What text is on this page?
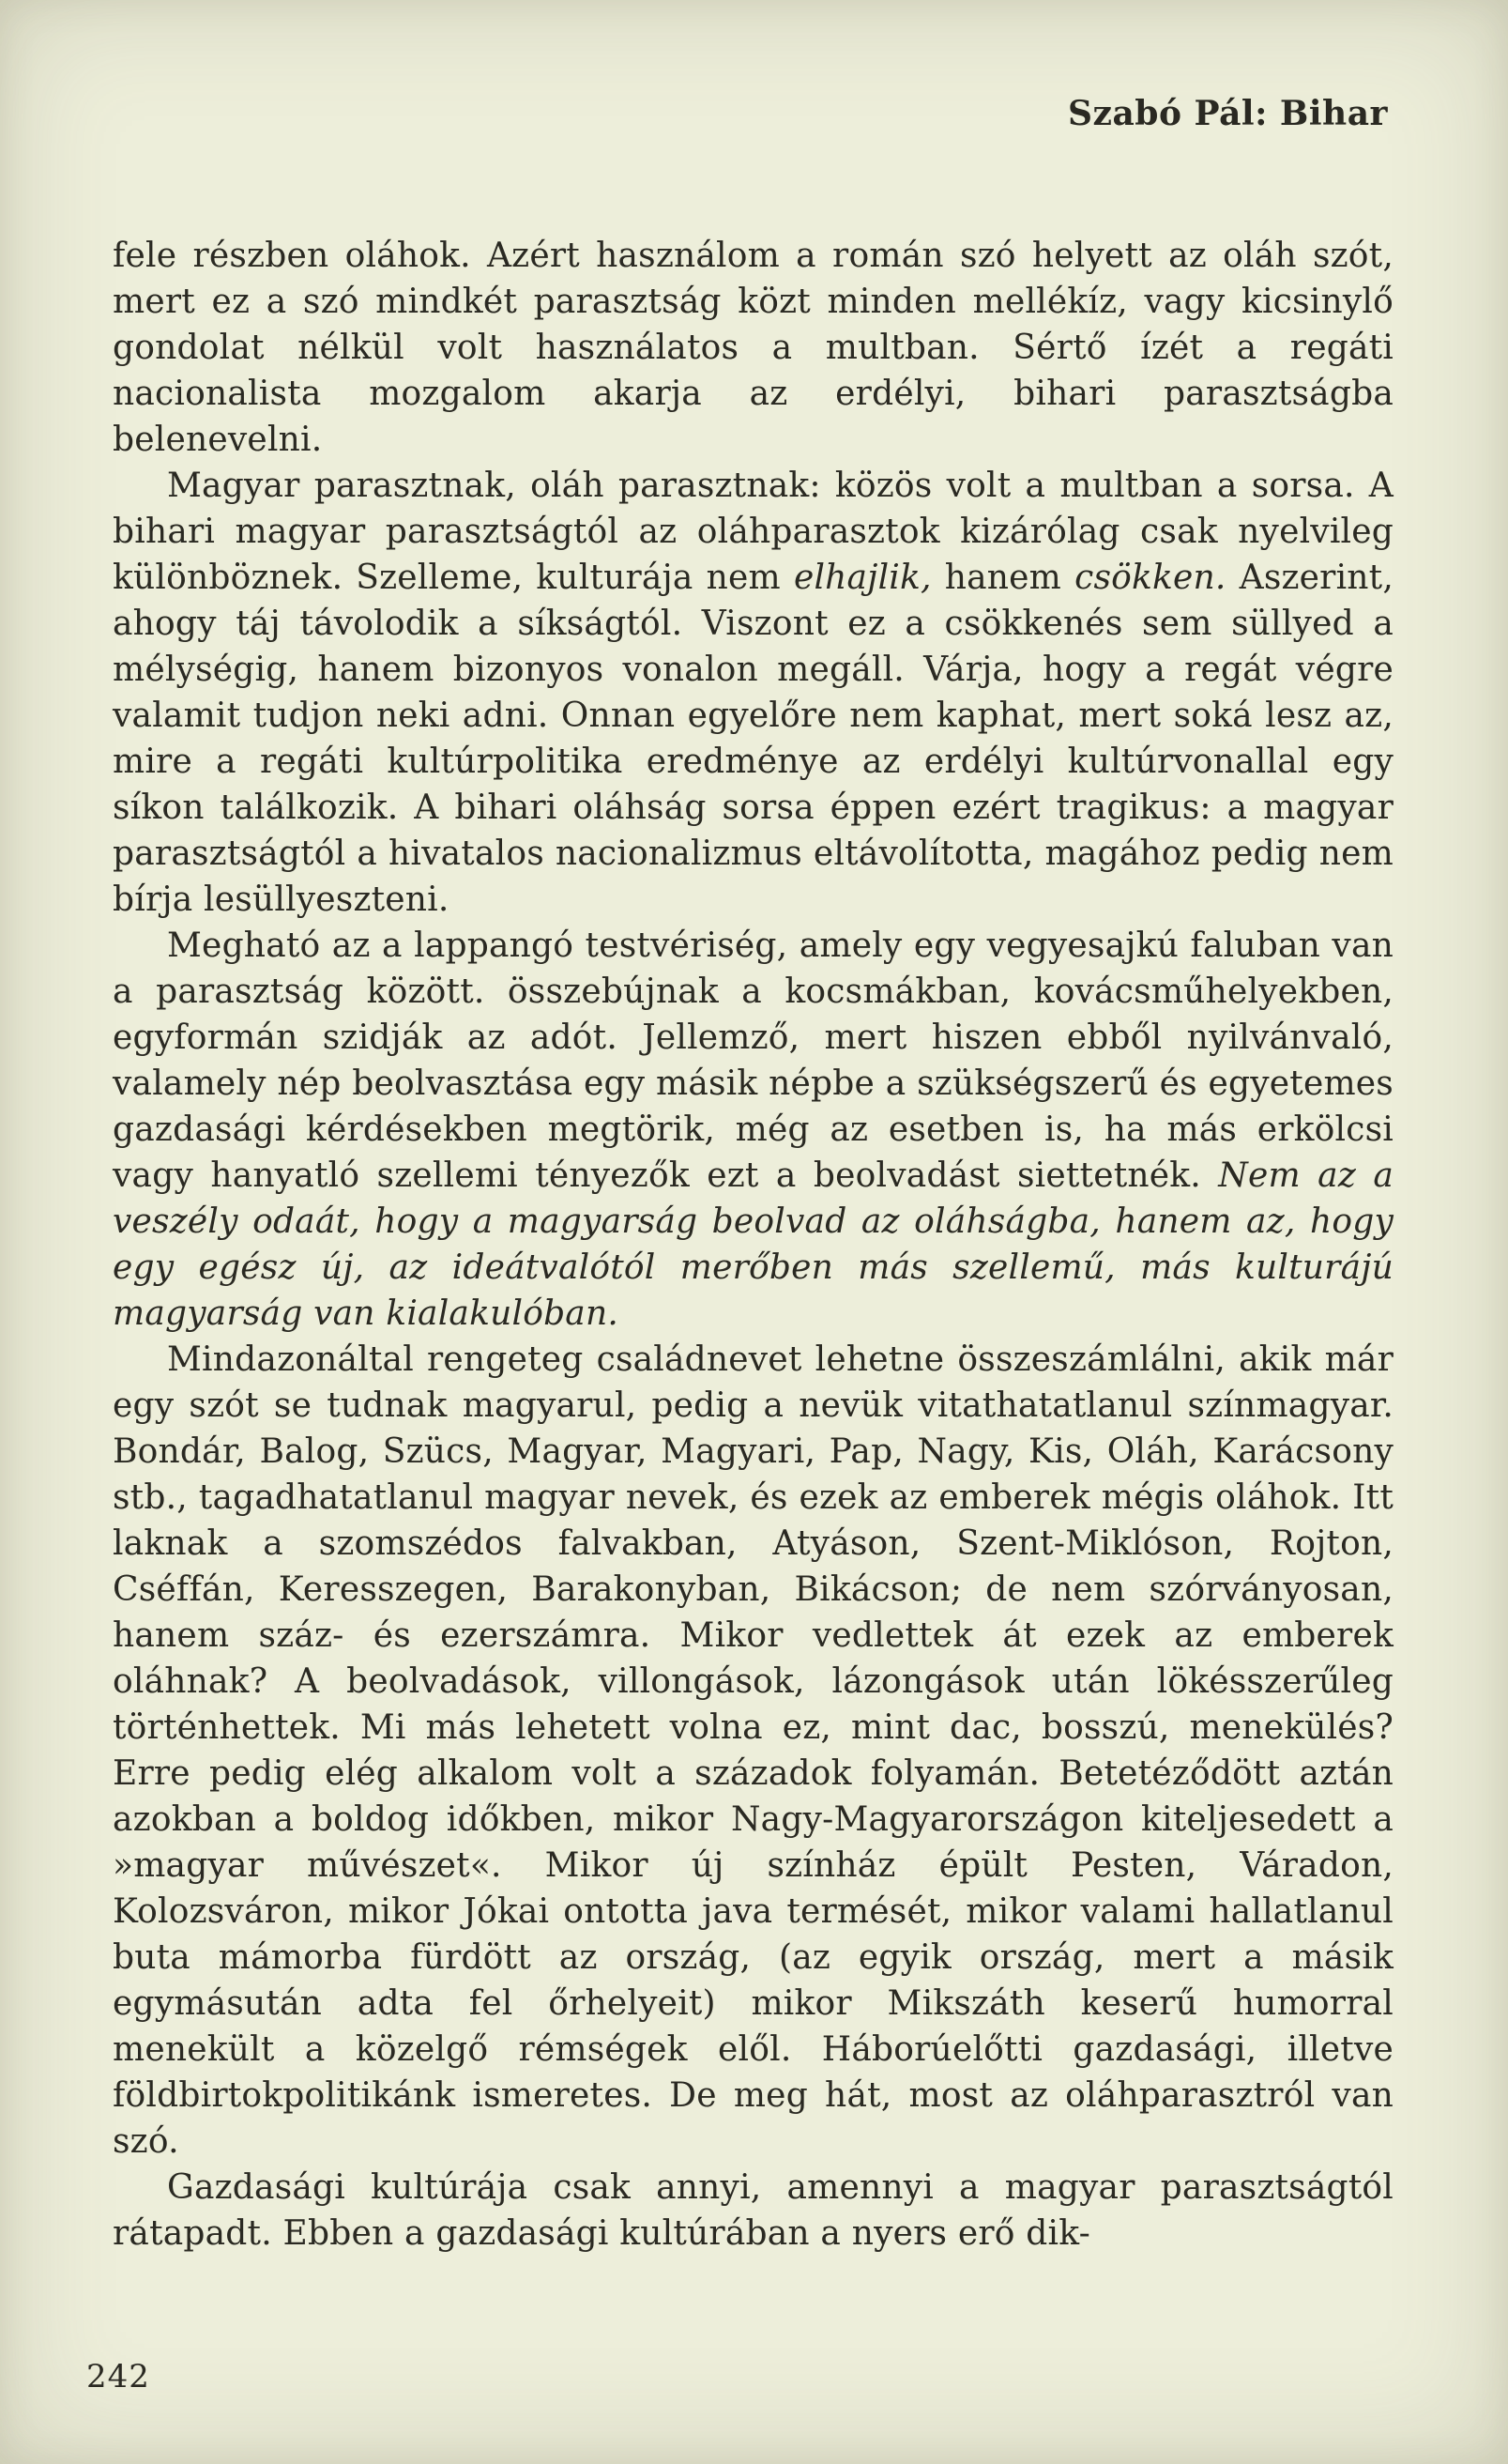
Szabó Pál: Bihar

fele részben oláhok. Azért használom a román szó helyett az oláh szót, mert ez a szó mindkét parasztság közt minden mellékíz, vagy kicsinylő gondolat nélkül volt használatos a multban. Sértő ízét a regáti nacionalista mozgalom akarja az erdélyi, bihari parasztságba belenevelni.

Magyar parasztnak, oláh parasztnak: közös volt a multban a sorsa. A bihari magyar parasztságtól az oláhparasztok kizárólag csak nyelvileg különböznek. Szelleme, kulturája nem elhajlik, hanem csökken. Aszerint, ahogy táj távolodik a síkságtól. Viszont ez a csökkenés sem süllyed a mélységig, hanem bizonyos vonalon megáll. Várja, hogy a regát végre valamit tudjon neki adni. Onnan egyelőre nem kaphat, mert soká lesz az, mire a regáti kultúrpolitika eredménye az erdélyi kultúrvonallal egy síkon találkozik. A bihari oláhság sorsa éppen ezért tragikus: a magyar parasztságtól a hivatalos nacionalizmus eltávolította, magához pedig nem bírja lesüllyeszteni.

Megható az a lappangó testvériség, amely egy vegyesajkú faluban van a parasztság között. összebújnak a kocsmákban, kovácsműhelyekben, egyformán szidják az adót. Jellemző, mert hiszen ebből nyilvánvaló, valamely nép beolvasztása egy másik népbe a szükségszerű és egyetemes gazdasági kérdésekben megtörik, még az esetben is, ha más erkölcsi vagy hanyatló szellemi tényezők ezt a beolvadást siettetnék. Nem az a veszély odaát, hogy a magyarság beolvad az oláhságba, hanem az, hogy egy egész új, az ideátvalótól merőben más szellemű, más kulturájú magyarság van kialakulóban.

Mindazonáltal rengeteg családnevet lehetne összeszámlálni, akik már egy szót se tudnak magyarul, pedig a nevük vitathatatlanul színmagyar. Bondár, Balog, Szücs, Magyar, Magyari, Pap, Nagy, Kis, Oláh, Karácsony stb., tagadhatatlanul magyar nevek, és ezek az emberek mégis oláhok. Itt laknak a szomszédos falvakban, Atyáson, Szent-Miklóson, Rojton, Cséffán, Keresszegen, Barakonyban, Bikácson; de nem szórványosan, hanem száz- és ezerszámra. Mikor vedlettek át ezek az emberek oláhnak? A beolvadások, villongások, lázongások után lökésszerűleg történhettek. Mi más lehetett volna ez, mint dac, bosszú, menekülés? Erre pedig elég alkalom volt a századok folyamán. Betetéződött aztán azokban a boldog időkben, mikor Nagy-Magyarországon kiteljesedett a »magyar művészet«. Mikor új színház épült Pesten, Váradon, Kolozsváron, mikor Jókai ontotta java termését, mikor valami hallatlanul buta mámorba fürdött az ország, (az egyik ország, mert a másik egymásután adta fel őrhelyeit) mikor Mikszáth keserű humorral menekült a közelgő rémségek elől. Háborúelőtti gazdasági, illetve földbirtokpolitikánk ismeretes. De meg hát, most az oláhparasztról van szó.

Gazdasági kultúrája csak annyi, amennyi a magyar parasztságtól rátapadt. Ebben a gazdasági kultúrában a nyers erő dik-

242
